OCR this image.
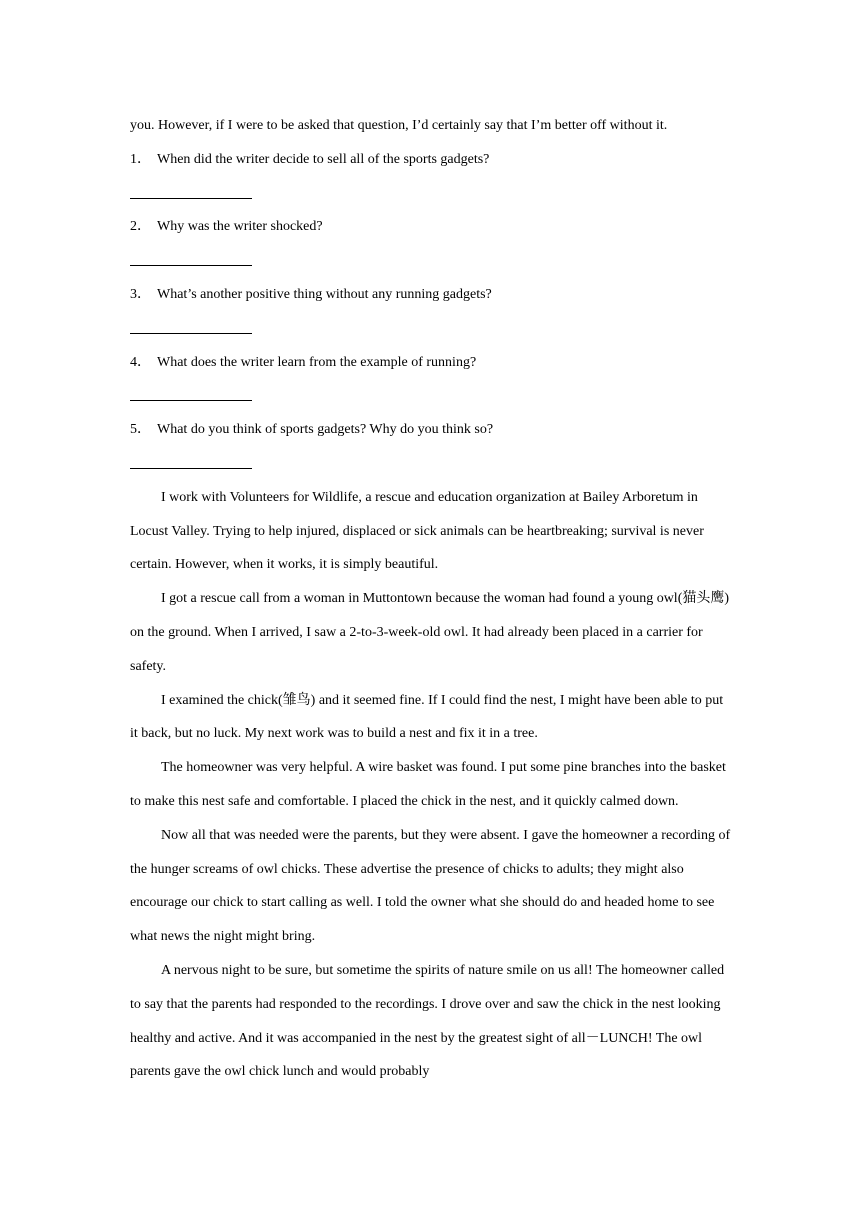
you. However, if I were to be asked that question, I’d certainly say that I’m better off without it.

1． When did the writer decide to sell all of the sports gadgets?

2． Why was the writer shocked?

3． What’s another positive thing without any running gadgets?

4． What does the writer learn from the example of running?

5． What do you think of sports gadgets? Why do you think so?

I work with Volunteers for Wildlife, a rescue and education organization at Bailey Arboretum in Locust Valley. Trying to help injured, displaced or sick animals can be heartbreaking; survival is never certain. However, when it works, it is simply beautiful.

I got a rescue call from a woman in Muttontown because the woman had found a young owl(猫头鹰) on the ground. When I arrived, I saw a 2-to-3-week-old owl. It had already been placed in a carrier for safety.

I examined the chick(雏鸟) and it seemed fine. If I could find the nest, I might have been able to put it back, but no luck. My next work was to build a nest and fix it in a tree.

The homeowner was very helpful. A wire basket was found. I put some pine branches into the basket to make this nest safe and comfortable. I placed the chick in the nest, and it quickly calmed down.

Now all that was needed were the parents, but they were absent. I gave the homeowner a recording of the hunger screams of owl chicks. These advertise the presence of chicks to adults; they might also encourage our chick to start calling as well. I told the owner what she should do and headed home to see what news the night might bring.

A nervous night to be sure, but sometime the spirits of nature smile on us all! The homeowner called to say that the parents had responded to the recordings. I drove over and saw the chick in the nest looking healthy and active. And it was accompanied in the nest by the greatest sight of all－LUNCH! The owl parents gave the owl chick lunch and would probably
